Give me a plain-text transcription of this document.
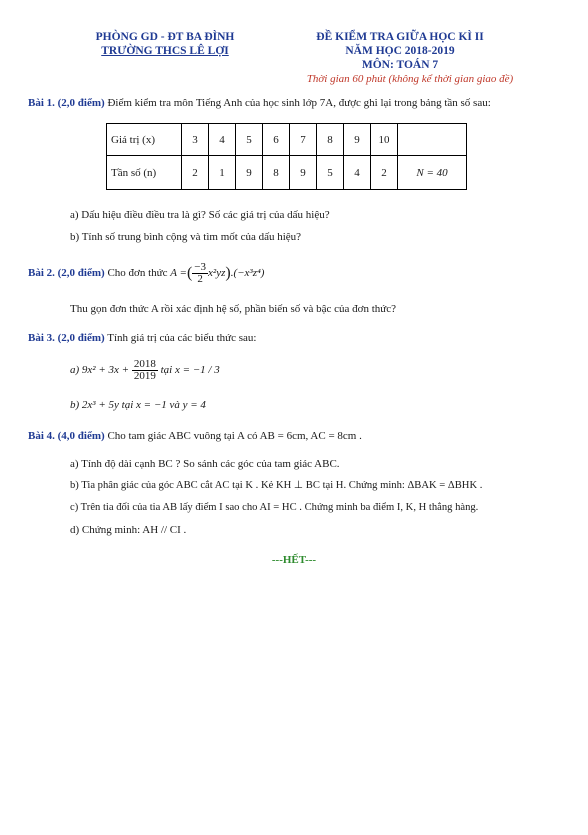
PHÒNG GD - ĐT BA ĐÌNH
TRƯỜNG THCS LÊ LỢI
ĐỀ KIỂM TRA GIỮA HỌC KÌ II
NĂM HỌC 2018-2019
MÔN: TOÁN 7
Thời gian 60 phút (không kể thời gian giao đề)
Bài 1. (2,0 điểm) Điểm kiểm tra môn Tiếng Anh của học sinh lớp 7A, được ghi lại trong bảng tần số sau:
Giá trị (x)	3	4	5	6	7	8	9	10	
Tần số (n)	2	1	9	8	9	5	4	2	N = 40
a) Dấu hiệu điều điều tra là gì? Số các giá trị của dấu hiệu?
b) Tính số trung bình cộng và tìm mốt của dấu hiệu?
Bài 2. (2,0 điểm) Cho đơn thức A =( $\frac{-3}{2} x^2yz).(-x^3z^4)$
Thu gọn đơn thức A rồi xác định hệ số, phần biến số và bậc của đơn thức?
Bài 3. (2,0 điểm) Tính giá trị của các biểu thức sau:
a) $9x^2 + 3x + \frac{2018}{2019}$ tại x = −1 / 3
b) 2x³ + 5y tại x = −1 và y = 4
Bài 4. (4,0 điểm) Cho tam giác ABC vuông tại A có AB = 6cm, AC = 8cm .
a) Tính độ dài cạnh BC ? So sánh các góc của tam giác ABC.
b) Tia phân giác của góc ABC cắt AC tại K . Kẻ KH ⊥ BC tại H. Chứng minh: ΔBAK = ΔBHK .
c) Trên tia đối của tia AB lấy điểm I sao cho AI = HC . Chứng minh ba điểm I, K, H thẳng hàng.
d) Chứng minh: AH // CI .
---HẾT---
